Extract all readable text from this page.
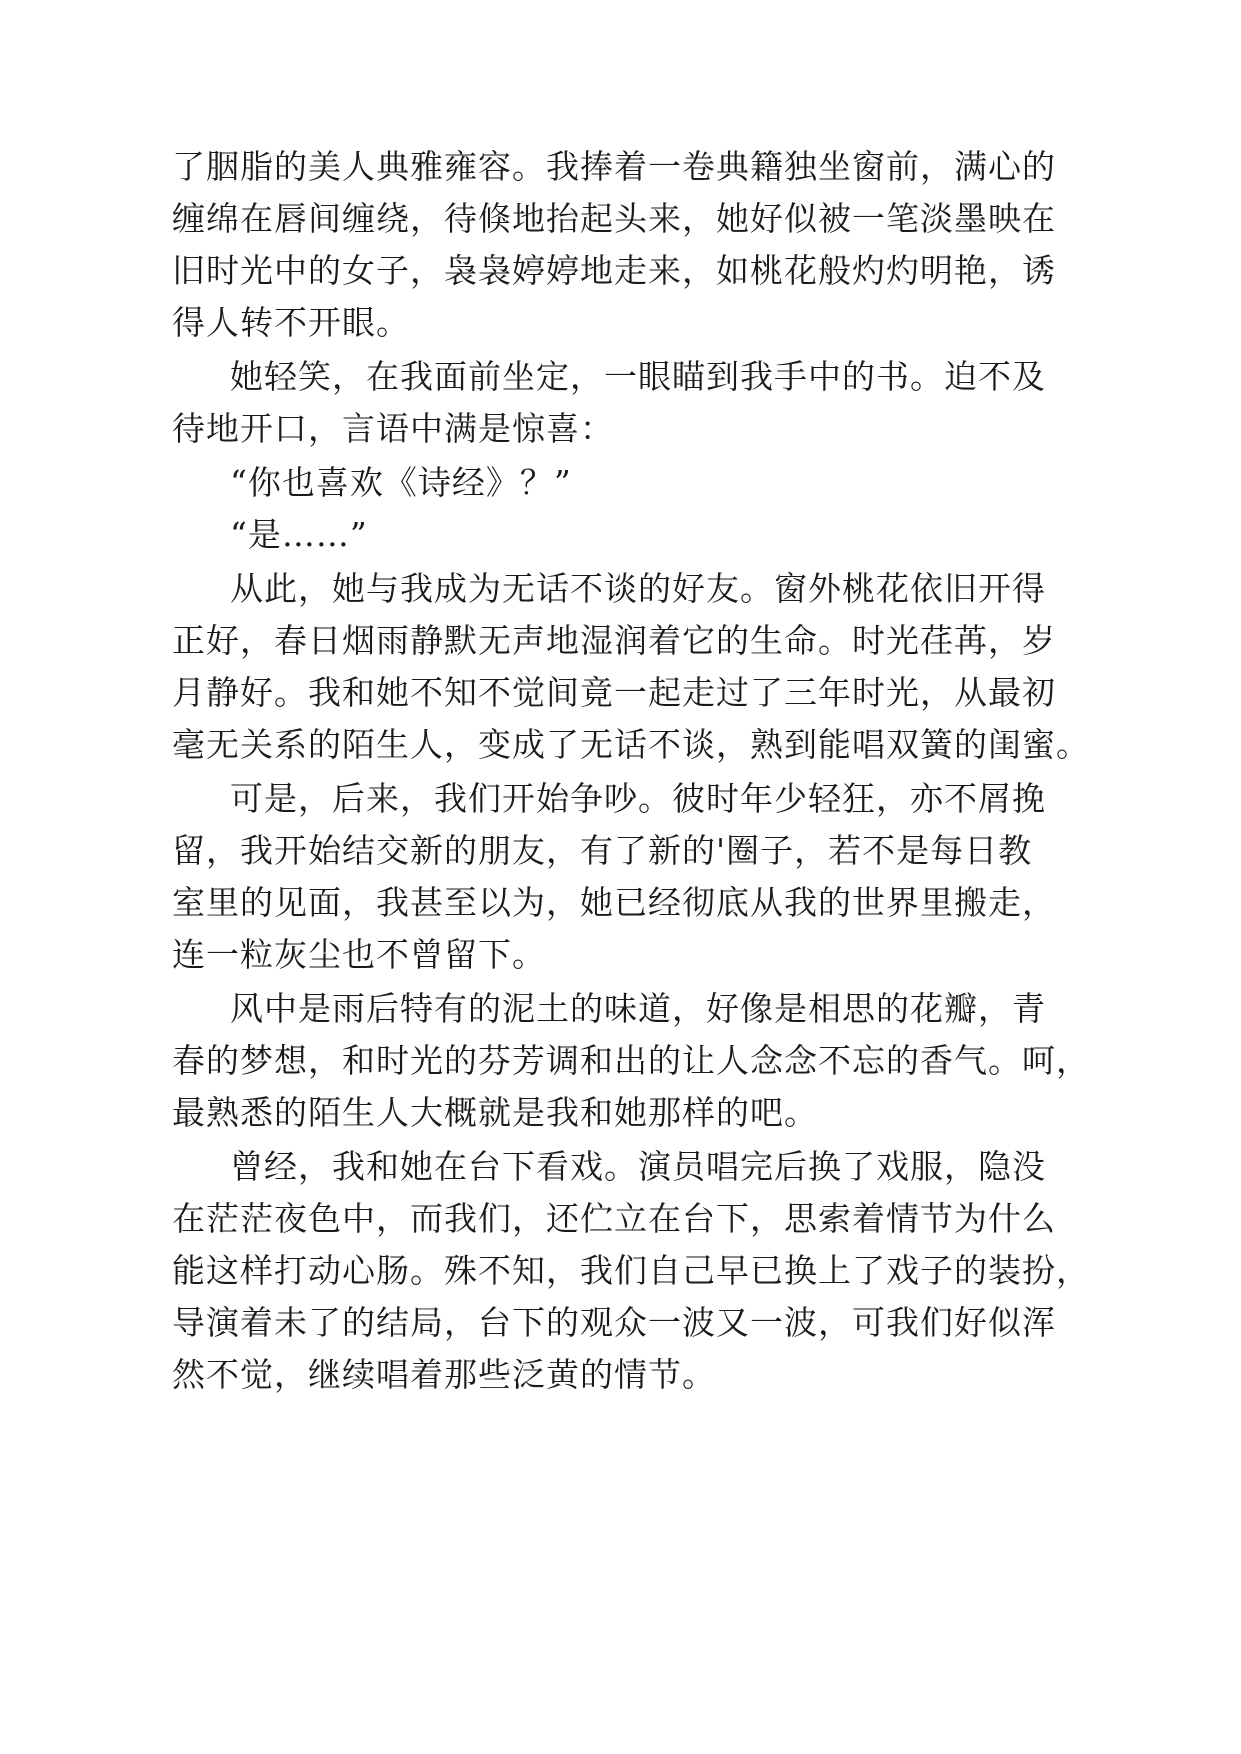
了胭脂的美人典雅雍容。我捧着一卷典籍独坐窗前，满心的
缠绵在唇间缠绕，待倏地抬起头来，她好似被一笔淡墨映在
旧时光中的女子，袅袅婷婷地走来，如桃花般灼灼明艳，诱
得人转不开眼。
她轻笑，在我面前坐定，一眼瞄到我手中的书。迫不及
待地开口，言语中满是惊喜：
“你也喜欢《诗经》？”
“是……”
从此，她与我成为无话不谈的好友。窗外桃花依旧开得
正好，春日烟雨静默无声地湿润着它的生命。时光荏苒，岁
月静好。我和她不知不觉间竟一起走过了三年时光，从最初
毫无关系的陌生人，变成了无话不谈，熟到能唱双簧的闺蜜。
可是，后来，我们开始争吵。彼时年少轻狂，亦不屑挽
留，我开始结交新的朋友，有了新的'圈子，若不是每日教
室里的见面，我甚至以为，她已经彻底从我的世界里搬走，
连一粒灰尘也不曾留下。
风中是雨后特有的泥土的味道，好像是相思的花瓣，青
春的梦想，和时光的芬芳调和出的让人念念不忘的香气。呵，
最熟悉的陌生人大概就是我和她那样的吧。
曾经，我和她在台下看戏。演员唱完后换了戏服，隐没
在茫茫夜色中，而我们，还伫立在台下，思索着情节为什么
能这样打动心肠。殊不知，我们自己早已换上了戏子的装扮，
导演着未了的结局，台下的观众一波又一波，可我们好似浑
然不觉，继续唱着那些泛黄的情节。
